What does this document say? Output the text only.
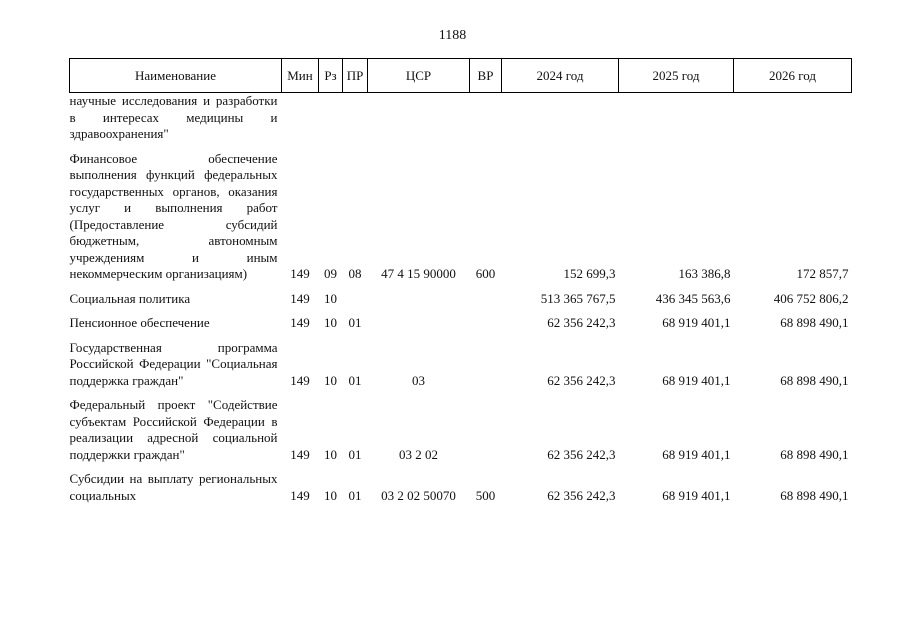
1188
Наименование	Мин	Рз	ПР	ЦСР	ВР	2024 год	2025 год	2026 год
научные исследования и разработки в интересах медицины и здравоохранения"								
Финансовое обеспечение выполнения функций федеральных государственных органов, оказания услуг и выполнения работ (Предоставление субсидий бюджетным, автономным учреждениям и иным некоммерческим организациям)	149	09	08	47 4 15 90000	600	152 699,3	163 386,8	172 857,7
Социальная политика	149	10				513 365 767,5	436 345 563,6	406 752 806,2
Пенсионное обеспечение	149	10	01			62 356 242,3	68 919 401,1	68 898 490,1
Государственная программа Российской Федерации "Социальная поддержка граждан"	149	10	01	03		62 356 242,3	68 919 401,1	68 898 490,1
Федеральный проект "Содействие субъектам Российской Федерации в реализации адресной социальной поддержки граждан"	149	10	01	03 2 02		62 356 242,3	68 919 401,1	68 898 490,1
Субсидии на выплату региональных социальных	149	10	01	03 2 02 50070	500	62 356 242,3	68 919 401,1	68 898 490,1
